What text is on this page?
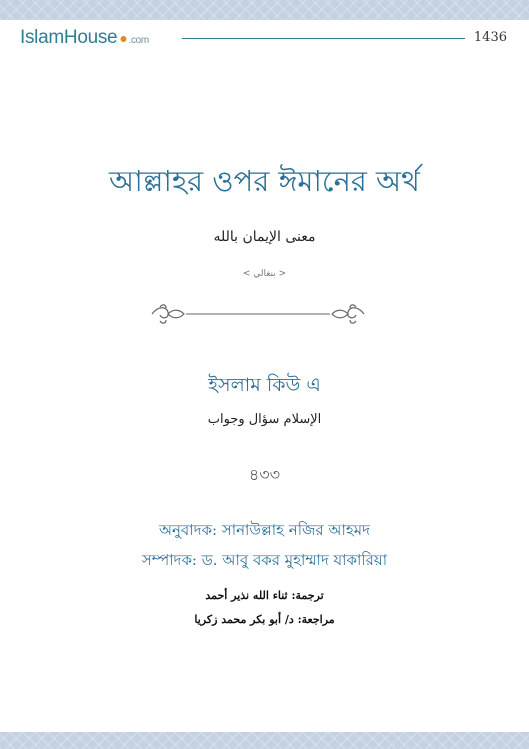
IslamHouse ●.com	1436
আল্লাহর ওপর ঈমানের অর্থ
معنى الإيمان بالله
< بنغالي >
ইসলাম কিউ এ
الإسلام سؤال وجواب
৪৩৩
অনুবাদক: সানাউল্লাহ নজির আহমদ
সম্পাদক: ড. আবু বকর মুহাম্মাদ যাকারিয়া
ترجمة: ثناء الله نذير أحمد
مراجعة: د/ أبو بكر محمد زكريا
